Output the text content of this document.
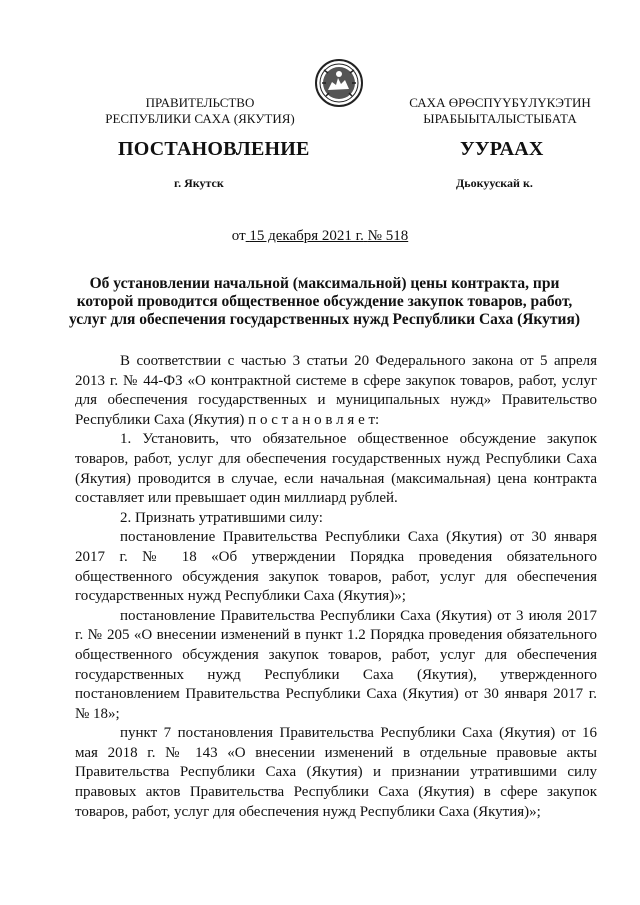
ПРАВИТЕЛЬСТВО
РЕСПУБЛИКИ САХА (ЯКУТИЯ)
САХА ӨРӨСПҮҮБҮЛҮКЭТИН
ЫРАБЫЫТАЛЫСТЫБАТА
ПОСТАНОВЛЕНИЕ	УУРААХ
г. Якутск	Дьокуускай к.
от 15 декабря 2021 г. № 518
Об установлении начальной (максимальной) цены контракта, при
которой проводится общественное обсуждение закупок товаров, работ,
услуг для обеспечения государственных нужд Республики Саха (Якутия)

В соответствии с частью 3 статьи 20 Федерального закона от 5 апреля 2013 г. № 44-ФЗ «О контрактной системе в сфере закупок товаров, работ, услуг для обеспечения государственных и муниципальных нужд» Правительство Республики Саха (Якутия) п о с т а н о в л я е т:

1. Установить, что обязательное общественное обсуждение закупок товаров, работ, услуг для обеспечения государственных нужд Республики Саха (Якутия) проводится в случае, если начальная (максимальная) цена контракта составляет или превышает один миллиард рублей.

2. Признать утратившими силу:

постановление Правительства Республики Саха (Якутия) от 30 января 2017 г. № 18 «Об утверждении Порядка проведения обязательного общественного обсуждения закупок товаров, работ, услуг для обеспечения государственных нужд Республики Саха (Якутия)»;

постановление Правительства Республики Саха (Якутия) от 3 июля 2017 г. № 205 «О внесении изменений в пункт 1.2 Порядка проведения обязательного общественного обсуждения закупок товаров, работ, услуг для обеспечения государственных нужд Республики Саха (Якутия), утвержденного постановлением Правительства Республики Саха (Якутия) от 30 января 2017 г. № 18»;

пункт 7 постановления Правительства Республики Саха (Якутия) от 16 мая 2018 г. № 143 «О внесении изменений в отдельные правовые акты Правительства Республики Саха (Якутия) и признании утратившими силу правовых актов Правительства Республики Саха (Якутия) в сфере закупок товаров, работ, услуг для обеспечения нужд Республики Саха (Якутия)»;
